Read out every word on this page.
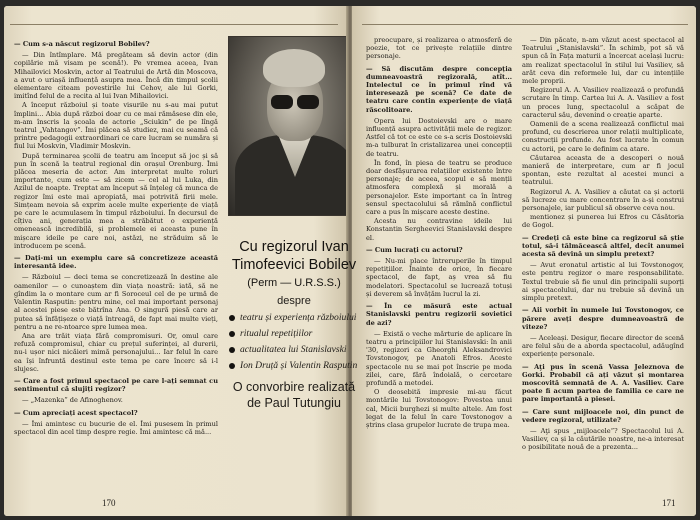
— Cum s-a născut regizorul Bobilev?

— Din întîmplare. Mă pregăteam să devin actor (din copilărie mă visam pe scenă!). Pe vremea aceea, Ivan Mihailovici Moskvin, actor al Teatrului de Artă din Moscova, a avut o uriașă influență asupra mea. Încă din timpul școlii elementare citeam povestirile lui Cehov, ale lui Gorki, imitînd felul de a recita al lui Ivan Mihailovici.

A început războiul și toate visurile nu s-au mai putut împlini... Abia după război doar cu ce mai rămăsese din ele, m-am înscris la școala de actorie „Sciukin” de pe lîngă teatrul „Vahtangov”. Îmi plăcea să studiez, mai cu seamă că printre pedagogii extraordinari ce care lucram se număra și fiul lui Moskvin, Vladimir Moskvin.

După terminarea școlii de teatru am început să joc și să pun în scenă la teatrul regional din orașul Orenburg. Îmi plăcea meseria de actor. Am interpretat multe roluri importante, cum este — să zicem — cel al lui Luka, din Azilul de noapte. Treptat am început să înțeleg că munca de regizor îmi este mai apropiată, mai potrivită firii mele. Simțeam nevoia să exprim acele multe experiențe de viață pe care le acumulasem în timpul războiului. În decursul de cîțiva ani, generația mea a străbătut o experiență omenească incredibilă, și problemele ei aceasta pune în mișcare ideile pe care noi, astăzi, ne străduim să le introducem pe scenă.

— Dați-mi un exemplu care să concretizeze această interesantă idee.

— Războiul — deci tema se concretizează în destine ale oamenilor — o cunoaștem din viața noastră: iată, să ne gîndim la o montare cum ar fi Soroceul cel de pe urmă de Valentin Rasputin: pentru mine, cel mai important personaj al acestei piese este bătrîna Ana. O singură piesă care ar putea să înfățișeze o viață întreagă, de fapt mai multe vieți, pentru a ne re-ntoarce spre lumea mea.

Ana are trăit viața fără compromisuri. Or, omul care refuză compromisul, chiar cu prețul suferinței, al durerii, nu-i ușor nici nicăieri mimă personajului... Iar felul în care ea își înfruntă destinul este tema pe care încerc să i-l slujesc.

— Care a fost primul spectacol pe care l-ați semnat cu sentimentul că slujiți regizor?

— „Mazenka” de Afinoghenov.

— Cum apreciați acest spectacol?

— Îmi amintesc cu bucurie de el. Îmi pusesem în primul spectacol din acel timp despre regie. Îmi amintesc că mă...

170

preocupare, și realizarea o atmosferă de poezie, tot ce privește relațiile dintre personaje.

— Să discutăm despre concepția dumneavoastră regizorală, atît... Intelectul ce în primul rînd vă interesează pe scenă? Ce date de teatru care contin experiențe de viață răscolitoare.

Opera lui Dostoievski are o mare influență asupra activității mele de regizor. Astfel că tot ce este ce s-a scris Dostoievski m-a tulburat în cristalizarea unei concepții de teatru.

În fond, în piesa de teatru se produce doar desfășurarea relațiilor existente între personaje; de aceea, scopul e să menții atmosfera complexă și morală a personajelor. Este important ca în întreg sensul spectacolului să rămînă conflictul care a pus în mișcare aceste destine.

Acesta nu contravine ideile lui Konstantin Sergheevici Stanislavski despre el.

— Cum lucrați cu actorul?

— Nu-mi place întreruperile în timpul repetițiilor. Înainte de orice, în fiecare spectacol, de fapt, aș vrea să fiu modelatori. Spectacolul se lucrează totuși și deverem să învățăm lucrul la zi.

— În ce măsură este actual Stanislavski pentru regizorii sovietici de azi?

— Există o veche mărturie de aplicare în teatru a principiilor lui Stanislavski: în anii '30, regizori ca Gheorghi Aleksandrovici Tovstonogov, pe Anatoli Efros. Aceste spectacole nu se mai pot înscrie pe moda zilei, care, fără îndoială, o cercetare profundă a metodei.

O deosebită impresie mi-au făcut montările lui Tovstonogov: Povestea unui cal, Micii burghezi și multe altele. Am fost legat de la felul în care Tovstonogov a ștrins clasa grupelor lucrate de trupa mea.

— Din păcate, n-am văzut acest spectacol al Teatrului „Stanislavski”. În schimb, pot să vă spun că în Fața maturii a încercat același lucru: am realizat spectacolul în stilul lui Vasiliev, să arăt ceva din reformele lui, dar cu intențiile mele proprii.

Regizorul A. A. Vasiliev realizează o profundă scrutare în timp. Cartea lui A. A. Vasiliev a fost un proces lung, spectacolul a scăpat de caracterul său, devenind o creație aparte.

Oamenii de a scena realizează conflictul mai profund, cu descrierea unor relații multiplicate, construcții profunde. Au fost lucrate în comun cu actorii, pe care le definim ca atare.

Căutarea aceasta de a descoperi o nouă manieră de interpretare, cum ar fi jocul spontan, este rezultat al acestei munci a teatrului.

Regizorul A. A. Vasiliev a căutat ca și actorii să lucreze cu mare concentrare în a-și construi personajele, iar publicul să observe ceva nou.

mentionez și punerea lui Efros cu Căsătoria de Gogol.

— Credeți că este bine ca regizorul să știe totul, să-i tălmăcească altfel, decît anumei acesta să devină un simplu pretext?

— Avut eronatul artistic al lui Tovstonogov, este pentru regizor o mare responsabilitate. Textul trebuie să fie unul din principalii suporți ai spectacolului, dar nu trebuie să devină un simplu pretext.

— Aii vorbit în numele lui Tovstonogov, ce părere aveți despre dumneavoastră de viteze?

— Aceleași. Desigur, fiecare director de scenă are felul său de a aborda spectacolul, adăugînd experiențe personale.

— Aţi pus în scenă Vassa Jeleznova de Gorki. Probabil că ați văzut și montarea moscovită semnată de A. A. Vasiliev. Care poate fi acum partea de familia ce care ne pare importantă a piesei.

— Care sunt mijloacele noi, din punct de vedere regizoral, utilizate?

— Aţi spus „mijloacele”? Spectacolul lui A. Vasiliev, ca și la căutările noastre, ne-a interesat o posibilitate nouă de a prezenta...

171
Cu regizorul Ivan Timofeevici Bobilev
(Perm — U.R.S.S.)
despre
teatru și experiența războiului
ritualul repetițiilor
actualitatea lui Stanislavski
Ion Druță și Valentin Rasputin
O convorbire realizată de Paul Tutungiu
